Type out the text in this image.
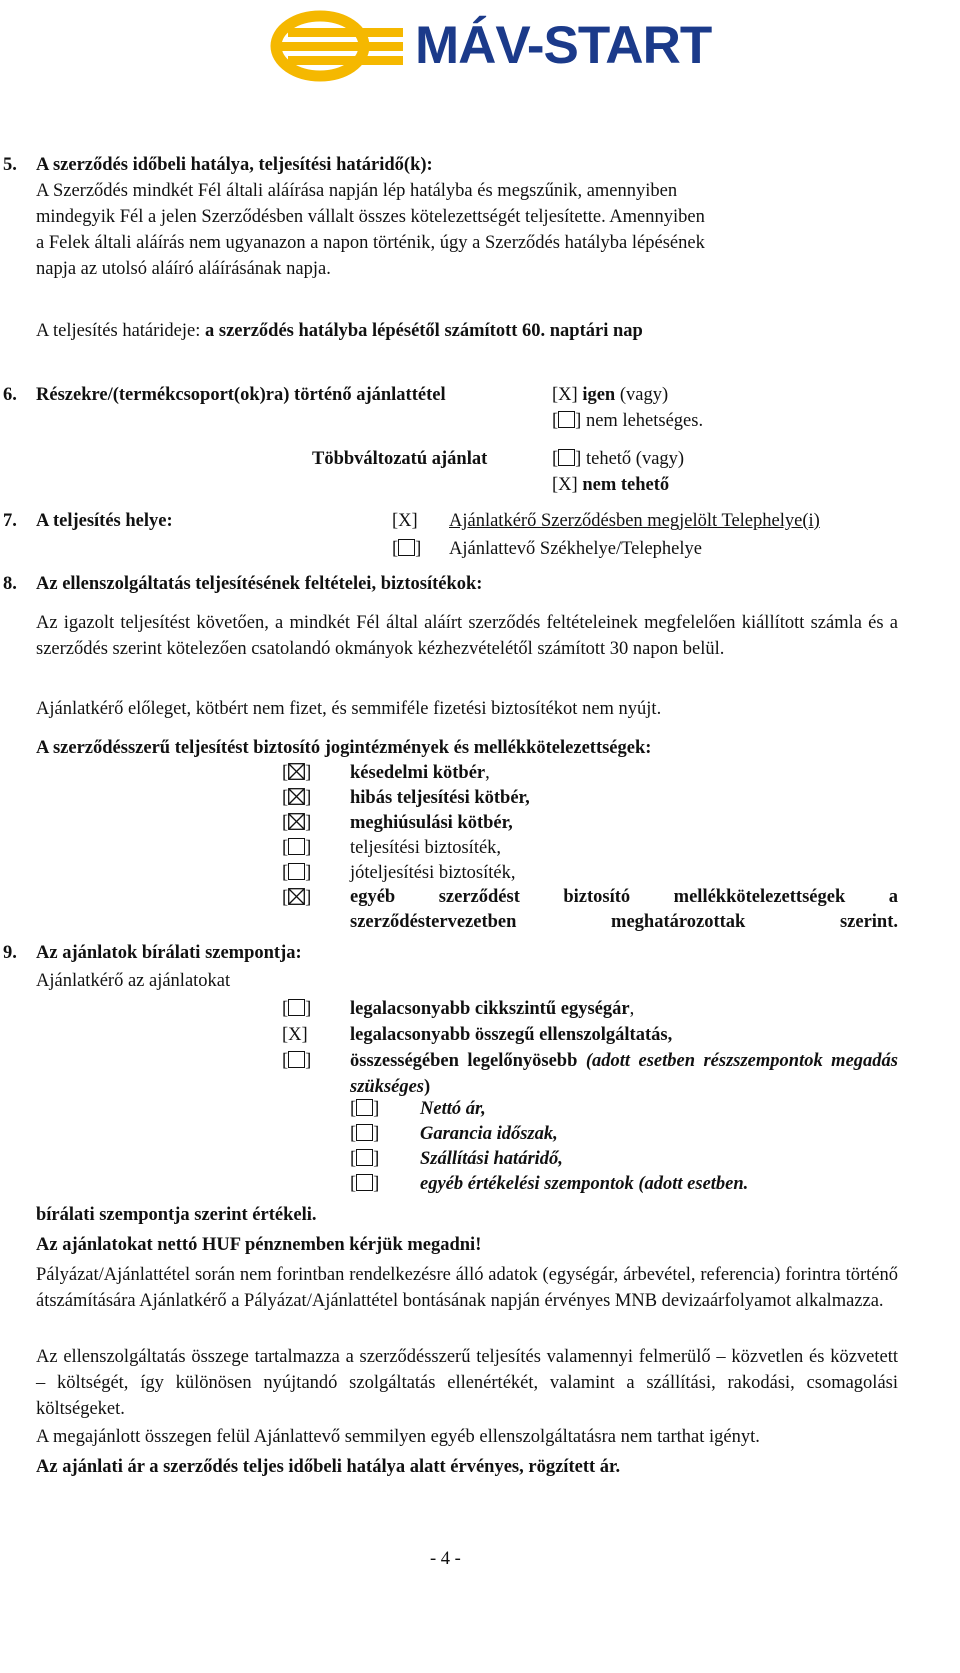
MÁV-START
5. A szerződés időbeli hatálya, teljesítési határidő(k):
A Szerződés mindkét Fél általi aláírása napján lép hatályba és megszűnik, amennyiben
mindegyik Fél a jelen Szerződésben vállalt összes kötelezettségét teljesítette. Amennyiben
a Felek általi aláírás nem ugyanazon a napon történik, úgy a Szerződés hatályba lépésének
napja az utolsó aláíró aláírásának napja.
A teljesítés határideje: a szerződés hatályba lépésétől számított 60. naptári nap
6. Részekre/(termékcsoport(ok)ra) történő ajánlattétel	[X] igen (vagy)
[ ] nem lehetséges.
Többváltozatú ajánlat	[ ] tehető (vagy)
[X] nem tehető
7. A teljesítés helye:	[X] Ajánlatkérő Szerződésben megjelölt Telephelye(i)
[ ] Ajánlattevő Székhelye/Telephelye
8. Az ellenszolgáltatás teljesítésének feltételei, biztosítékok:
Az igazolt teljesítést követően, a mindkét Fél által aláírt szerződés feltételeinek megfelelően kiállított számla és a szerződés szerint kötelezően csatolandó okmányok kézhezvételétől számított 30 napon belül.
Ajánlatkérő előleget, kötbért nem fizet, és semmiféle fizetési biztosítékot nem nyújt.
A szerződésszerű teljesítést biztosító jogintézmények és mellékkötelezettségek:
[ ] késedelmi kötbér,
[ ] hibás teljesítési kötbér,
[ ] meghiúsulási kötbér,
[ ] teljesítési biztosíték,
[ ] jóteljesítési biztosíték,
[ ] egyéb szerződést biztosító mellékkötelezettségek a szerződéstervezetben meghatározottak szerint.
9. Az ajánlatok bírálati szempontja:
Ajánlatkérő az ajánlatokat
[ ] legalacsonyabb cikkszintű egységár,
[X] legalacsonyabb összegű ellenszolgáltatás,
[ ] összességében legelőnyösebb (adott esetben részszempontok megadás szükséges)
[ ] Nettó ár,
[ ] Garancia időszak,
[ ] Szállítási határidő,
[ ] egyéb értékelési szempontok (adott esetben.
bírálati szempontja szerint értékeli.
Az ajánlatokat nettó HUF pénznemben kérjük megadni!
Pályázat/Ajánlattétel során nem forintban rendelkezésre álló adatok (egységár, árbevétel, referencia) forintra történő átszámítására Ajánlatkérő a Pályázat/Ajánlattétel bontásának napján érvényes MNB devizaárfolyamot alkalmazza.
Az ellenszolgáltatás összege tartalmazza a szerződésszerű teljesítés valamennyi felmerülő – közvetlen és közvetett – költségét, így különösen nyújtandó szolgáltatás ellenértékét, valamint a szállítási, rakodási, csomagolási költségeket.
A megajánlott összegen felül Ajánlattevő semmilyen egyéb ellenszolgáltatásra nem tarthat igényt.
Az ajánlati ár a szerződés teljes időbeli hatálya alatt érvényes, rögzített ár.
- 4 -
